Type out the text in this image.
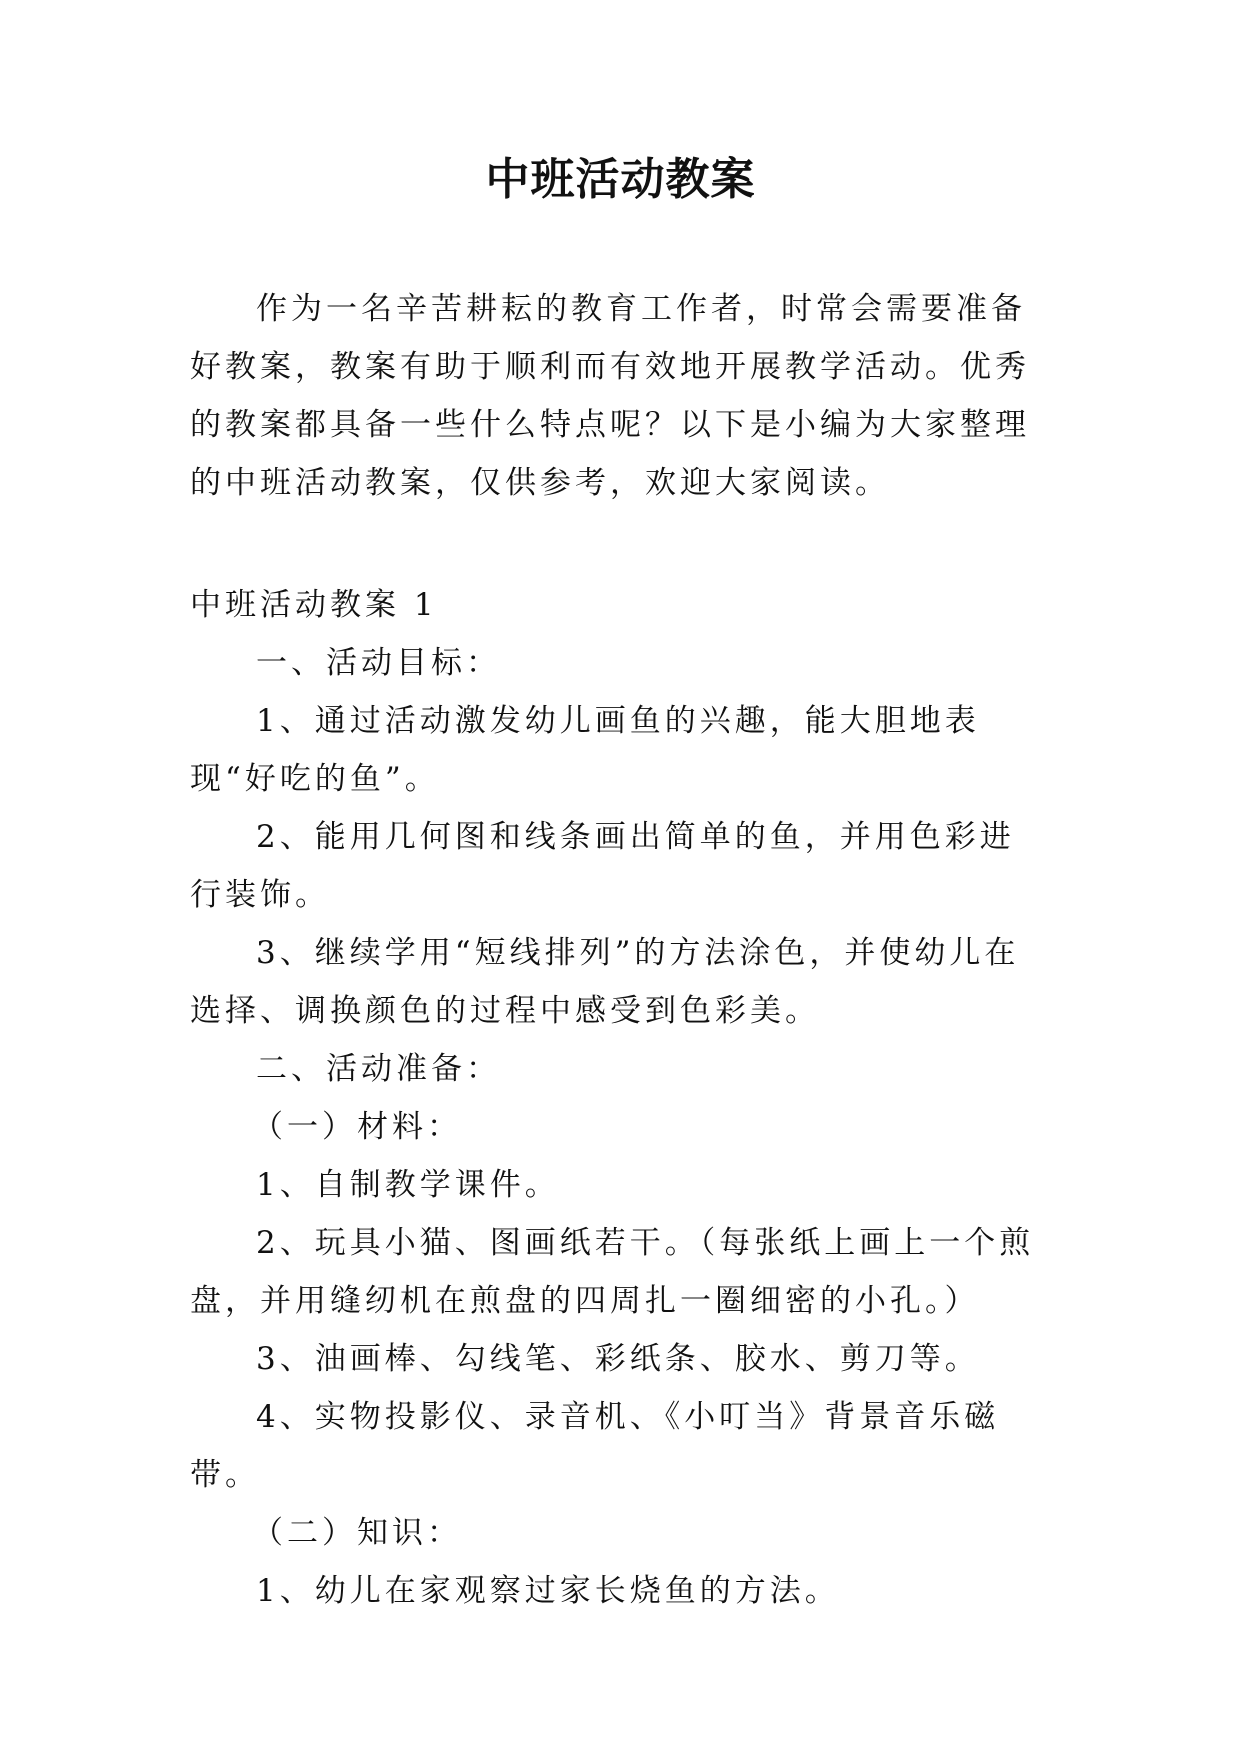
中班活动教案

作为一名辛苦耕耘的教育工作者，时常会需要准备好教案，教案有助于顺利而有效地开展教学活动。优秀的教案都具备一些什么特点呢？以下是小编为大家整理的中班活动教案，仅供参考，欢迎大家阅读。

中班活动教案 1

一、活动目标：

1、通过活动激发幼儿画鱼的兴趣，能大胆地表现“好吃的鱼”。

2、能用几何图和线条画出简单的鱼，并用色彩进行装饰。

3、继续学用“短线排列”的方法涂色，并使幼儿在选择、调换颜色的过程中感受到色彩美。

二、活动准备：

（一）材料：

1、自制教学课件。

2、玩具小猫、图画纸若干。（每张纸上画上一个煎盘，并用缝纫机在煎盘的四周扎一圈细密的小孔。）

3、油画棒、勾线笔、彩纸条、胶水、剪刀等。

4、实物投影仪、录音机、《小叮当》背景音乐磁带。

（二）知识：

1、幼儿在家观察过家长烧鱼的方法。
